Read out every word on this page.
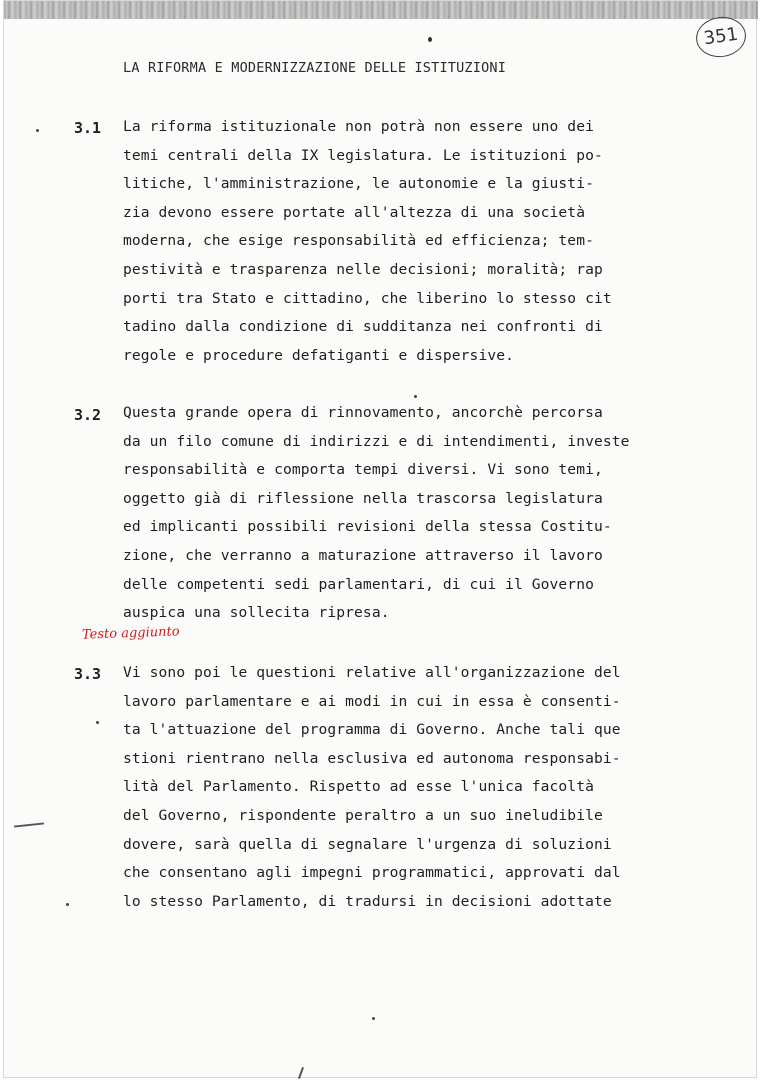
351
LA RIFORMA E MODERNIZZAZIONE DELLE ISTITUZIONI
3.1 La riforma istituzionale non potrà non essere uno dei
temi centrali della IX legislatura. Le istituzioni po-
litiche, l'amministrazione, le autonomie e la giusti-
zia devono essere portate all'altezza di una società
moderna, che esige responsabilità ed efficienza; tem-
pestività e trasparenza nelle decisioni; moralità; rap
porti tra Stato e cittadino, che liberino lo stesso cit
tadino dalla condizione di sudditanza nei confronti di
regole e procedure defatiganti e dispersive.
3.2 Questa grande opera di rinnovamento, ancorchè percorsa
da un filo comune di indirizzi e di intendimenti, investe
responsabilità e comporta tempi diversi. Vi sono temi,
oggetto già di riflessione nella trascorsa legislatura
ed implicanti possibili revisioni della stessa Costitu-
zione, che verranno a maturazione attraverso il lavoro
delle competenti sedi parlamentari, di cui il Governo
auspica una sollecita ripresa.
Testo aggiunto
3.3 Vi sono poi le questioni relative all'organizzazione del
lavoro parlamentare e ai modi in cui in essa è consenti-
ta l'attuazione del programma di Governo. Anche tali que
stioni rientrano nella esclusiva ed autonoma responsabi-
lità del Parlamento. Rispetto ad esse l'unica facoltà
del Governo, rispondente peraltro a un suo ineludibile
dovere, sarà quella di segnalare l'urgenza di soluzioni
che consentano agli impegni programmatici, approvati dal
lo stesso Parlamento, di tradursi in decisioni adottate
